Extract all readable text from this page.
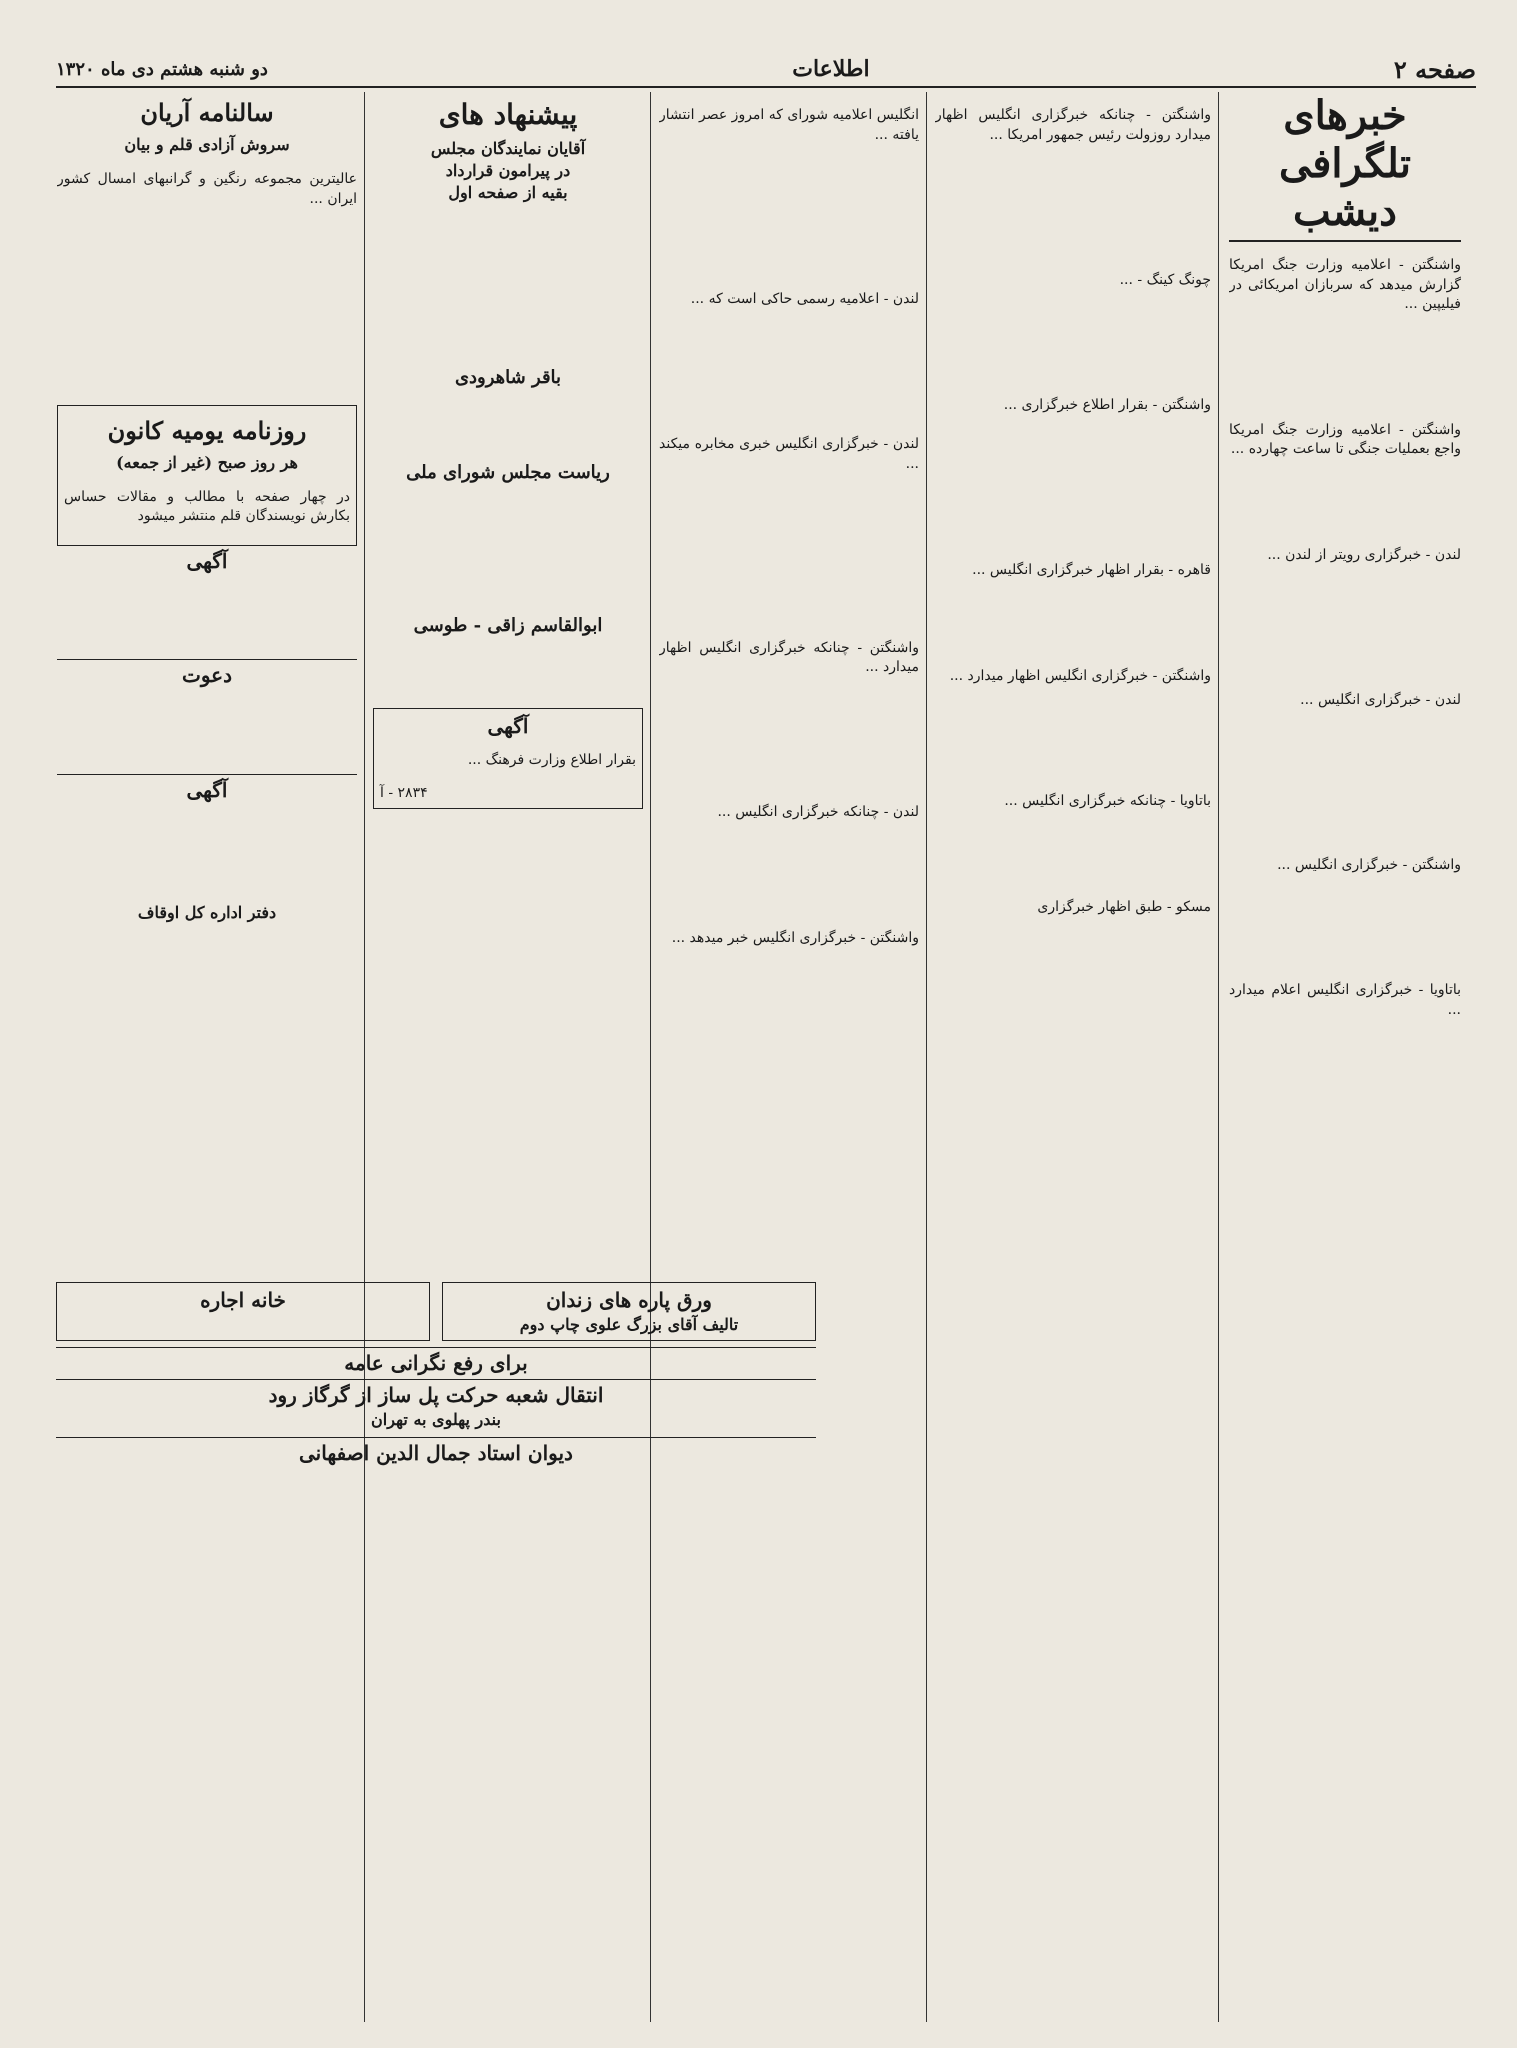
صفحه ۲
اطلاعات
دو شنبه هشتم دی ماه ۱۳۲۰
خبرهای تلگرافی دیشب

واشنگتن - اعلامیه وزارت جنگ امریکا گزارش میدهد که سربازان امریکائی در فیلیپین ...

واشنگتن - اعلامیه وزارت جنگ امریکا واجع بعملیات جنگی تا ساعت چهارده ...

لندن - خبرگزاری رویتر از لندن ...

لندن - خبرگزاری انگلیس ...

واشنگتن - خبرگزاری انگلیس ...

باتاویا - خبرگزاری انگلیس اعلام میدارد ...

واشنگتن - چنانکه خبرگزاری انگلیس اظهار میدارد روزولت رئیس جمهور امریکا ...

چونگ کینگ - ...

واشنگتن - بقرار اطلاع خبرگزاری ...

قاهره - بقرار اظهار خبرگزاری انگلیس ...

واشنگتن - خبرگزاری انگلیس اظهار میدارد ...

باتاویا - چنانکه خبرگزاری انگلیس ...

مسکو - طبق اظهار خبرگزاری

انگلیس اعلامیه شورای که امروز عصر انتشار یافته ...

لندن - اعلامیه رسمی حاکی است که ...

لندن - خبرگزاری انگلیس خبری مخابره میکند ...

واشنگتن - چنانکه خبرگزاری انگلیس اظهار میدارد ...

لندن - چنانکه خبرگزاری انگلیس ...

واشنگتن - خبرگزاری انگلیس خبر میدهد ...

پیشنهاد های
آقایان نمایندگان مجلس
در پیرامون قرارداد
بقیه از صفحه اول

باقر شاهرودی

ریاست مجلس شورای ملی

ابوالقاسم زاقی - طوسی

آگهی

بقرار اطلاع وزارت فرهنگ ...

۲۸۳۴ - آ
سالنامه آریان
سروش آزادی قلم و بیان

عالیترین مجموعه رنگین و گرانبهای امسال کشور ایران ...

روزنامه یومیه کانون
هر روز صبح (غیر از جمعه)

در چهار صفحه با مطالب و مقالات حساس بکارش نویسندگان قلم منتشر میشود

آگهی

دعوت

آگهی

دفتر اداره کل اوقاف
ورق پاره های زندان
تالیف آقای بزرگ علوی چاپ دوم
خانه اجاره
برای رفع نگرانی عامه
انتقال شعبه حرکت پل ساز از گرگاز رود
بندر پهلوی به تهران
دیوان استاد جمال الدین اصفهانی
